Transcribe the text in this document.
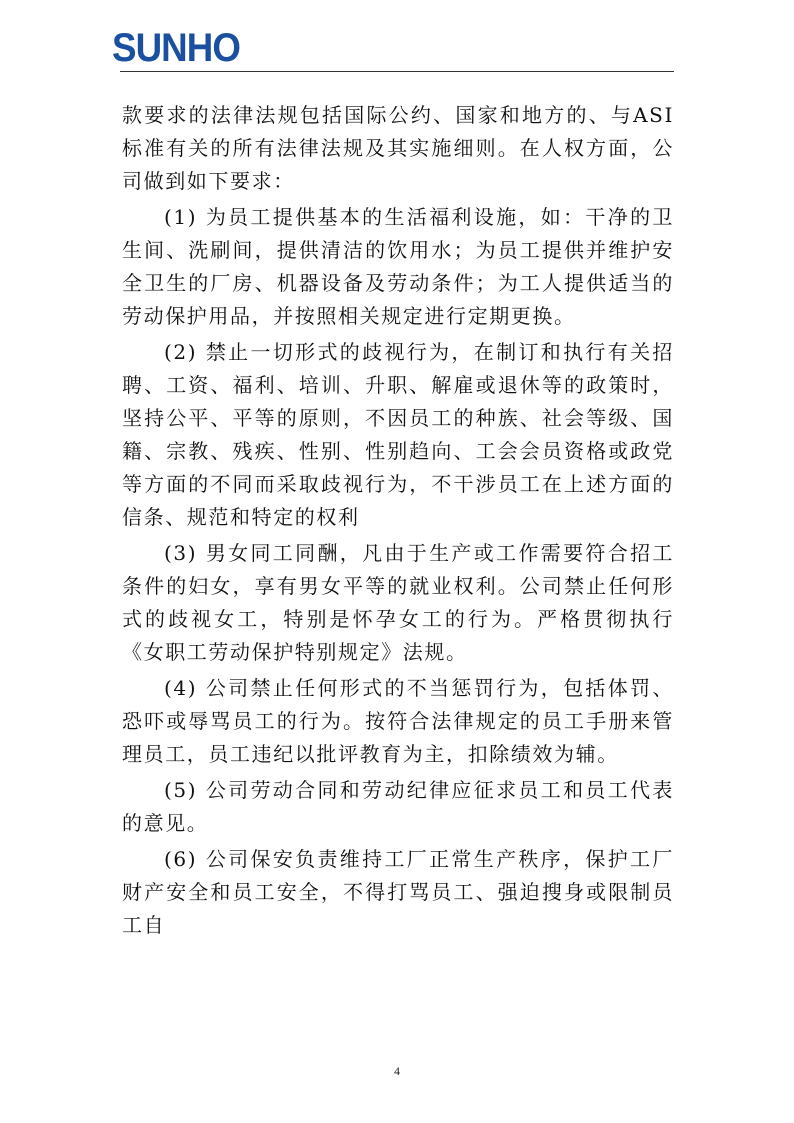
SUNHO

款要求的法律法规包括国际公约、国家和地方的、与ASI标准有关的所有法律法规及其实施细则。在人权方面，公司做到如下要求：

(1) 为员工提供基本的生活福利设施，如：干净的卫生间、洗刷间，提供清洁的饮用水；为员工提供并维护安全卫生的厂房、机器设备及劳动条件；为工人提供适当的劳动保护用品，并按照相关规定进行定期更换。

(2) 禁止一切形式的歧视行为，在制订和执行有关招聘、工资、福利、培训、升职、解雇或退休等的政策时，坚持公平、平等的原则，不因员工的种族、社会等级、国籍、宗教、残疾、性别、性别趋向、工会会员资格或政党等方面的不同而采取歧视行为，不干涉员工在上述方面的信条、规范和特定的权利

(3) 男女同工同酬，凡由于生产或工作需要符合招工条件的妇女，享有男女平等的就业权利。公司禁止任何形式的歧视女工，特别是怀孕女工的行为。严格贯彻执行《女职工劳动保护特别规定》法规。

(4) 公司禁止任何形式的不当惩罚行为，包括体罚、恐吓或辱骂员工的行为。按符合法律规定的员工手册来管理员工，员工违纪以批评教育为主，扣除绩效为辅。

(5) 公司劳动合同和劳动纪律应征求员工和员工代表的意见。

(6) 公司保安负责维持工厂正常生产秩序，保护工厂财产安全和员工安全，不得打骂员工、强迫搜身或限制员工自

4
